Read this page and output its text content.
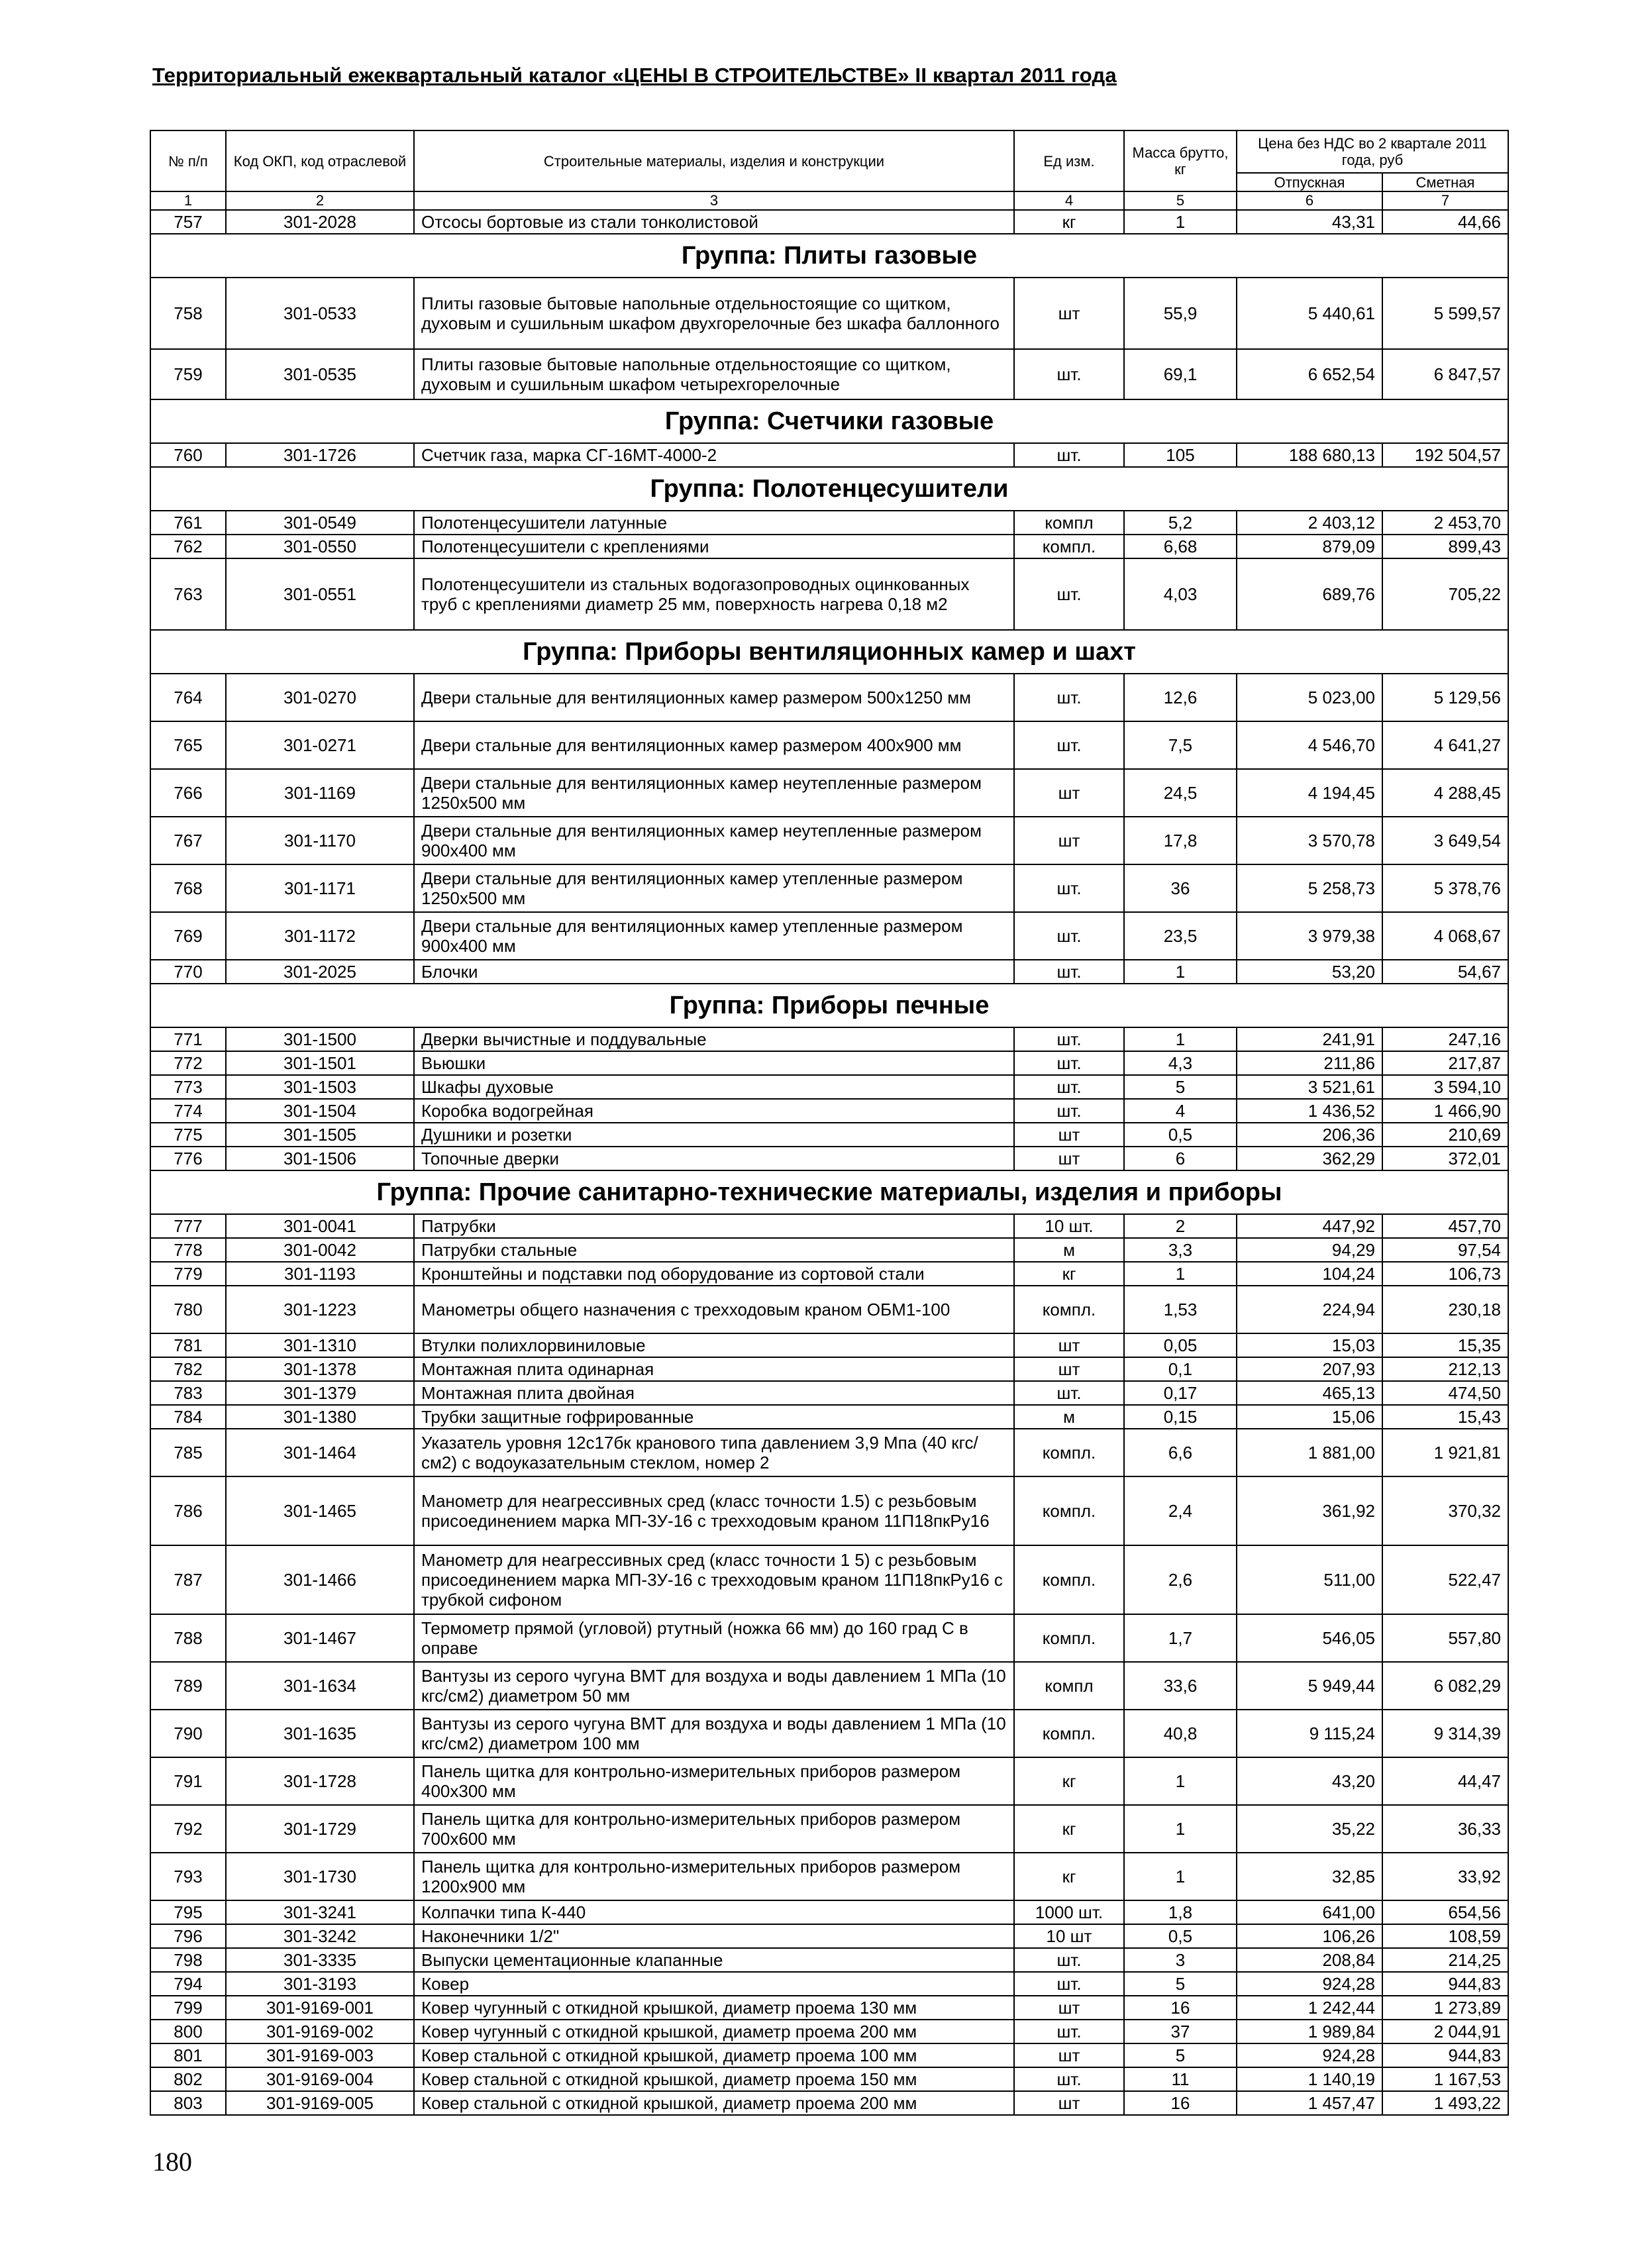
Территориальный ежеквартальный каталог «ЦЕНЫ В СТРОИТЕЛЬСТВЕ» II квартал 2011 года
№ п/п	Код ОКП, код отраслевой	Строительные материалы, изделия и конструкции	Ед изм.	Масса брутто, кг	Цена без НДС во 2 квартале 2011 года, руб	
					Отпускная	Сметная
1	2	3	4	5	6	7
757	301-2028	Отсосы бортовые из стали тонколистовой	кг	1	43,31	44,66
Группа: Плиты газовые						
758	301-0533	Плиты газовые бытовые напольные отдельностоящие со щитком, духовым и сушильным шкафом двухгорелочные без шкафа баллонного	шт	55,9	5 440,61	5 599,57
759	301-0535	Плиты газовые бытовые напольные отдельностоящие со щитком, духовым и сушильным шкафом четырехгорелочные	шт.	69,1	6 652,54	6 847,57
Группа: Счетчики газовые						
760	301-1726	Счетчик газа, марка СГ-16МТ-4000-2	шт.	105	188 680,13	192 504,57
Группа: Полотенцесушители						
761	301-0549	Полотенцесушители латунные	компл	5,2	2 403,12	2 453,70
762	301-0550	Полотенцесушители с креплениями	компл.	6,68	879,09	899,43
763	301-0551	Полотенцесушители из стальных водогазопроводных оцинкованных труб с креплениями диаметр 25 мм, поверхность нагрева 0,18 м2	шт.	4,03	689,76	705,22
Группа: Приборы вентиляционных камер и шахт						
764	301-0270	Двери стальные для вентиляционных камер размером 500х1250 мм	шт.	12,6	5 023,00	5 129,56
765	301-0271	Двери стальные для вентиляционных камер размером 400х900 мм	шт.	7,5	4 546,70	4 641,27
766	301-1169	Двери стальные для вентиляционных камер неутепленные размером 1250х500 мм	шт	24,5	4 194,45	4 288,45
767	301-1170	Двери стальные для вентиляционных камер неутепленные размером 900х400 мм	шт	17,8	3 570,78	3 649,54
768	301-1171	Двери стальные для вентиляционных камер утепленные размером 1250х500 мм	шт.	36	5 258,73	5 378,76
769	301-1172	Двери стальные для вентиляционных камер утепленные размером 900х400 мм	шт.	23,5	3 979,38	4 068,67
770	301-2025	Блочки	шт.	1	53,20	54,67
Группа: Приборы печные						
771	301-1500	Дверки вычистные и поддувальные	шт.	1	241,91	247,16
772	301-1501	Вьюшки	шт.	4,3	211,86	217,87
773	301-1503	Шкафы духовые	шт.	5	3 521,61	3 594,10
774	301-1504	Коробка водогрейная	шт.	4	1 436,52	1 466,90
775	301-1505	Душники и розетки	шт	0,5	206,36	210,69
776	301-1506	Топочные дверки	шт	6	362,29	372,01
Группа: Прочие санитарно-технические материалы, изделия и приборы						
777	301-0041	Патрубки	10 шт.	2	447,92	457,70
778	301-0042	Патрубки стальные	м	3,3	94,29	97,54
779	301-1193	Кронштейны и подставки под оборудование из сортовой стали	кг	1	104,24	106,73
780	301-1223	Манометры общего назначения с трехходовым краном ОБМ1-100	компл.	1,53	224,94	230,18
781	301-1310	Втулки полихлорвиниловые	шт	0,05	15,03	15,35
782	301-1378	Монтажная плита одинарная	шт	0,1	207,93	212,13
783	301-1379	Монтажная плита двойная	шт.	0,17	465,13	474,50
784	301-1380	Трубки защитные гофрированные	м	0,15	15,06	15,43
785	301-1464	Указатель уровня 12с17бк кранового типа давлением 3,9 Мпа (40 кгс/см2) с водоуказательным стеклом, номер 2	компл.	6,6	1 881,00	1 921,81
786	301-1465	Манометр для неагрессивных сред (класс точности 1.5) с резьбовым присоединением марка МП-3У-16 с трехходовым краном 11П18пкРу16	компл.	2,4	361,92	370,32
787	301-1466	Манометр для неагрессивных сред (класс точности 1 5) с резьбовым присоединением марка МП-3У-16 с трехходовым краном 11П18пкРу16 с трубкой сифоном	компл.	2,6	511,00	522,47
788	301-1467	Термометр прямой (угловой) ртутный (ножка 66 мм) до 160 град С в оправе	компл.	1,7	546,05	557,80
789	301-1634	Вантузы из серого чугуна ВМТ для воздуха и воды давлением 1 МПа (10 кгс/см2) диаметром 50 мм	компл	33,6	5 949,44	6 082,29
790	301-1635	Вантузы из серого чугуна ВМТ для воздуха и воды давлением 1 МПа (10 кгс/см2) диаметром 100 мм	компл.	40,8	9 115,24	9 314,39
791	301-1728	Панель щитка для контрольно-измерительных приборов размером 400х300 мм	кг	1	43,20	44,47
792	301-1729	Панель щитка для контрольно-измерительных приборов размером 700х600 мм	кг	1	35,22	36,33
793	301-1730	Панель щитка для контрольно-измерительных приборов размером 1200х900 мм	кг	1	32,85	33,92
795	301-3241	Колпачки типа К-440	1000 шт.	1,8	641,00	654,56
796	301-3242	Наконечники 1/2"	10 шт	0,5	106,26	108,59
798	301-3335	Выпуски цементационные клапанные	шт.	3	208,84	214,25
794	301-3193	Ковер	шт.	5	924,28	944,83
799	301-9169-001	Ковер чугунный с откидной крышкой, диаметр проема 130 мм	шт	16	1 242,44	1 273,89
800	301-9169-002	Ковер чугунный с откидной крышкой, диаметр проема 200 мм	шт.	37	1 989,84	2 044,91
801	301-9169-003	Ковер стальной с откидной крышкой, диаметр проема 100 мм	шт	5	924,28	944,83
802	301-9169-004	Ковер стальной с откидной крышкой, диаметр проема 150 мм	шт.	11	1 140,19	1 167,53
803	301-9169-005	Ковер стальной с откидной крышкой, диаметр проема 200 мм	шт	16	1 457,47	1 493,22
180
